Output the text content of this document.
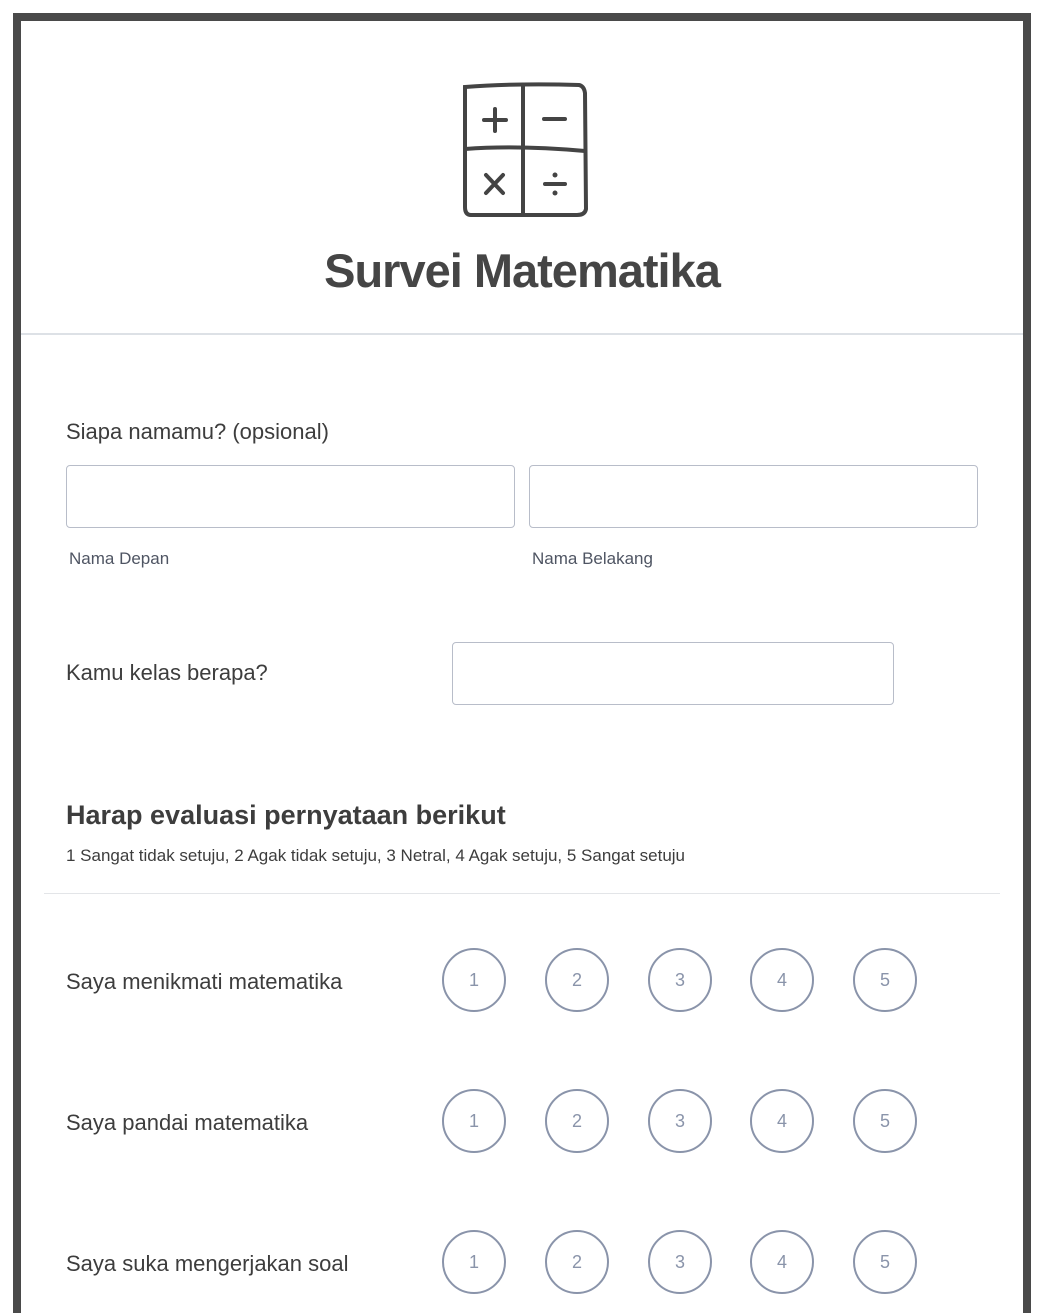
Survei Matematika
Siapa namamu? (opsional)
Nama Depan	Nama Belakang
Kamu kelas berapa?
Harap evaluasi pernyataan berikut
1 Sangat tidak setuju, 2 Agak tidak setuju, 3 Netral, 4 Agak setuju, 5 Sangat setuju
Saya menikmati matematika	1	2	3	4	5
Saya pandai matematika	1	2	3	4	5
Saya suka mengerjakan soal	1	2	3	4	5
